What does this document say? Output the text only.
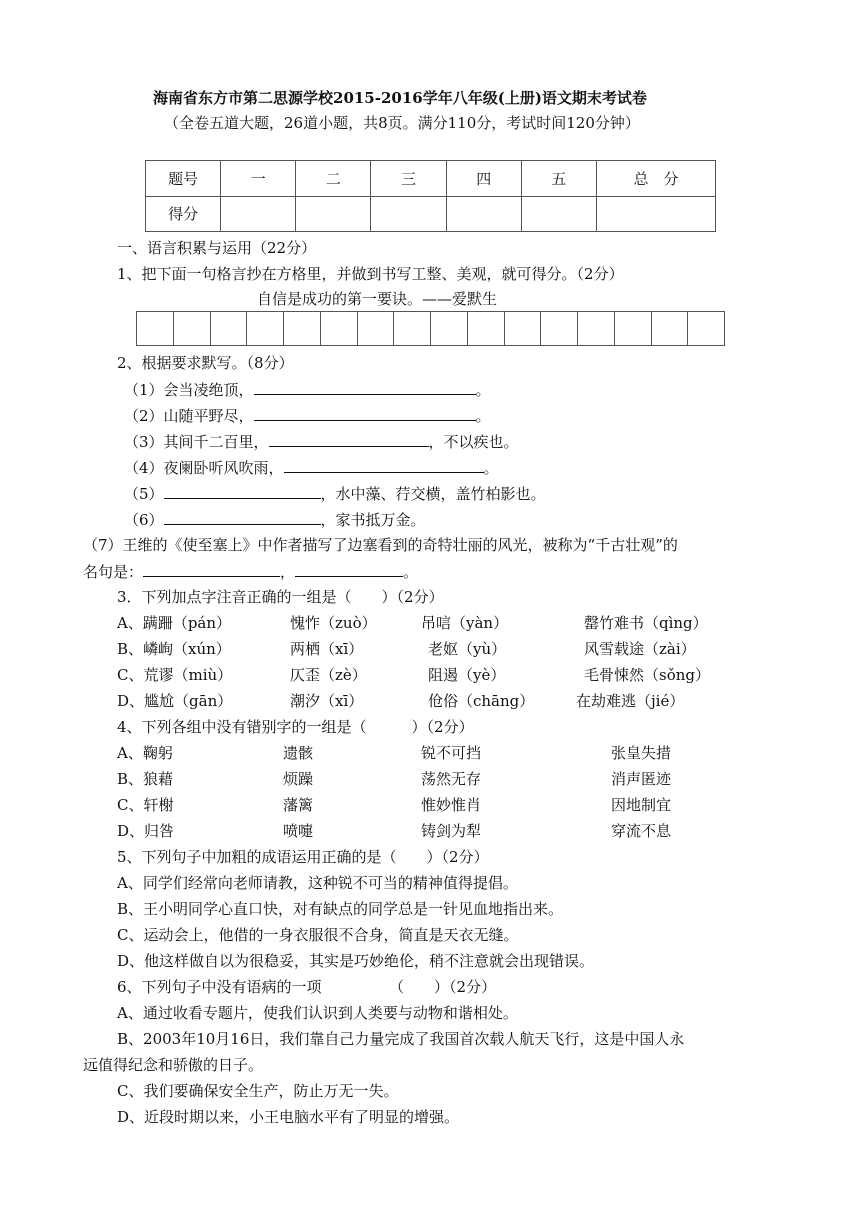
海南省东方市第二思源学校2015-2016学年八年级(上册)语文期末考试卷
（全卷五道大题，26道小题，共8页。满分110分，考试时间120分钟）
题号	一	二	三	四	五	总　分
得分						
一、语言积累与运用（22分）
1、把下面一句格言抄在方格里，并做到书写工整、美观，就可得分。（2分）
自信是成功的第一要诀。——爱默生
2、根据要求默写。（8分）
（1）会当凌绝顶，	。
（2）山随平野尽，	。
（3）其间千二百里，	，不以疾也。
（4）夜阑卧听风吹雨，	。
（5）	，水中藻、荇交横，盖竹柏影也。
（6）	，家书抵万金。
（7）王维的《使至塞上》中作者描写了边塞看到的奇特壮丽的风光，被称为“千古壮观”的
名句是：	，	。
3．下列加点字注音正确的一组是（　　）（2分）
A、蹒跚（pán）	愧怍（zuò）	吊唁（yàn）	罄竹难书（qìng）
B、嶙峋（xún）	两栖（xī）	老妪（yù）	风雪载途（zài）
C、荒谬（miù）	仄歪（zè）	阻遏（yè）	毛骨悚然（sǒng）
D、尴尬（gān）	潮汐（xī）	伧俗（chāng）	在劫难逃（jié）
4、下列各组中没有错别字的一组是（　　　）（2分）
A、鞠躬	遗骸	锐不可挡	张皇失措
B、狼藉	烦躁	荡然无存	消声匿迹
C、轩榭	藩篱	惟妙惟肖	因地制宜
D、归咎	喷嚏	铸剑为犁	穿流不息
5、下列句子中加粗的成语运用正确的是（　　）（2分）
A、同学们经常向老师请教，这种锐不可当的精神值得提倡。
B、王小明同学心直口快，对有缺点的同学总是一针见血地指出来。
C、运动会上，他借的一身衣服很不合身，简直是天衣无缝。
D、他这样做自以为很稳妥，其实是巧妙绝伦，稍不注意就会出现错误。
6、下列句子中没有语病的一项　　　　　（　　）（2分）
A、通过收看专题片，使我们认识到人类要与动物和谐相处。
B、2003年10月16日，我们靠自己力量完成了我国首次载人航天飞行，这是中国人永
远值得纪念和骄傲的日子。
C、我们要确保安全生产，防止万无一失。
D、近段时期以来，小王电脑水平有了明显的增强。
